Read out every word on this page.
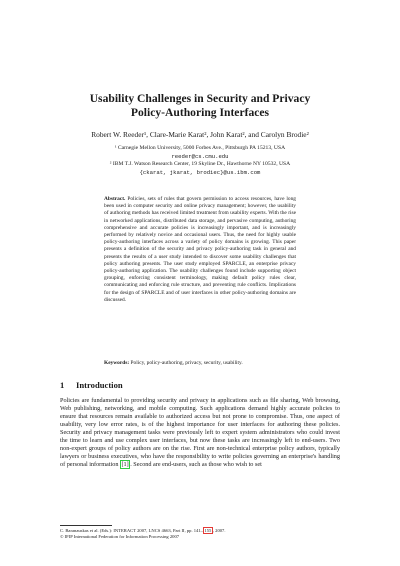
Usability Challenges in Security and Privacy
Policy-Authoring Interfaces
Robert W. Reeder¹, Clare-Marie Karat², John Karat², and Carolyn Brodie²
¹ Carnegie Mellon University, 5000 Forbes Ave., Pittsburgh PA 15213, USA
reeder@cs.cmu.edu
² IBM T.J. Watson Research Center, 19 Skyline Dr., Hawthorne NY 10532, USA
{ckarat, jkarat, brodiec}@us.ibm.com
Abstract. Policies, sets of rules that govern permission to access resources, have long been used in computer security and online privacy management; however, the usability of authoring methods has received limited treatment from usability experts. With the rise in networked applications, distributed data storage, and pervasive computing, authoring comprehensive and accurate policies is increasingly important, and is increasingly performed by relatively novice and occasional users. Thus, the need for highly usable policy-authoring interfaces across a variety of policy domains is growing. This paper presents a definition of the security and privacy policy-authoring task in general and presents the results of a user study intended to discover some usability challenges that policy authoring presents. The user study employed SPARCLE, an enterprise privacy policy-authoring application. The usability challenges found include supporting object grouping, enforcing consistent terminology, making default policy rules clear, communicating and enforcing rule structure, and preventing rule conflicts. Implications for the design of SPARCLE and of user interfaces in other policy-authoring domains are discussed.
Keywords: Policy, policy-authoring, privacy, security, usability.
1 Introduction
Policies are fundamental to providing security and privacy in applications such as file sharing, Web browsing, Web publishing, networking, and mobile computing. Such applications demand highly accurate policies to ensure that resources remain available to authorized access but not prone to compromise. Thus, one aspect of usability, very low error rates, is of the highest importance for user interfaces for authoring these policies. Security and privacy management tasks were previously left to expert system administrators who could invest the time to learn and use complex user interfaces, but now these tasks are increasingly left to end-users. Two non-expert groups of policy authors are on the rise. First are non-technical enterprise policy authors, typically lawyers or business executives, who have the responsibility to write policies governing an enterprise's handling of personal information [1] . Second are end-users, such as those who wish to set
C. Baranauskas et al. (Eds.): INTERACT 2007, LNCS 4663, Part II, pp. 141– 155 , 2007.
© IFIP International Federation for Information Processing 2007
